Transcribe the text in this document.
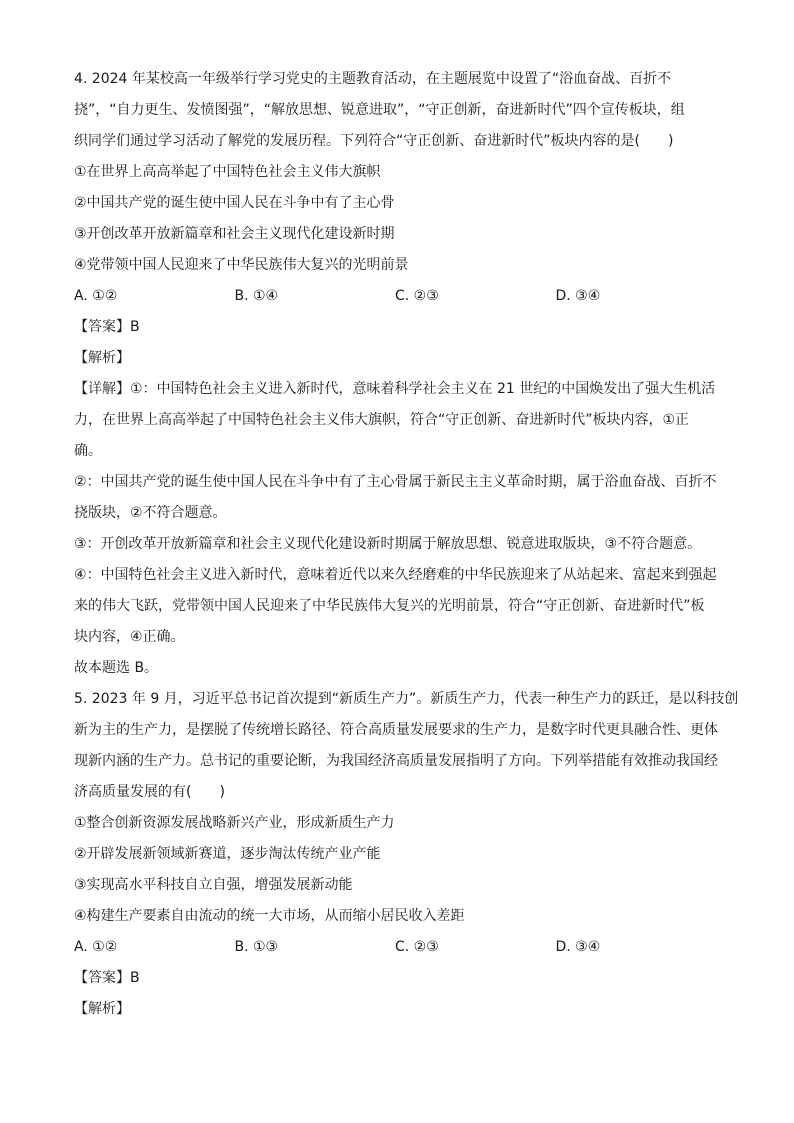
4. 2024 年某校高一年级举行学习党史的主题教育活动，在主题展览中设置了“浴血奋战、百折不

挠”，“自力更生、发愤图强”，“解放思想、锐意进取”，“守正创新，奋进新时代”四个宣传板块，组

织同学们通过学习活动了解党的发展历程。下列符合“守正创新、奋进新时代”板块内容的是(　　)

①在世界上高高举起了中国特色社会主义伟大旗帜

②中国共产党的诞生使中国人民在斗争中有了主心骨

③开创改革开放新篇章和社会主义现代化建设新时期

④党带领中国人民迎来了中华民族伟大复兴的光明前景

A. ①②	B. ①④	C. ②③	D. ③④

【答案】B

【解析】

【详解】①：中国特色社会主义进入新时代，意味着科学社会主义在 21 世纪的中国焕发出了强大生机活

力，在世界上高高举起了中国特色社会主义伟大旗帜，符合“守正创新、奋进新时代”板块内容，①正

确。

②：中国共产党的诞生使中国人民在斗争中有了主心骨属于新民主主义革命时期，属于浴血奋战、百折不

挠版块，②不符合题意。

③：开创改革开放新篇章和社会主义现代化建设新时期属于解放思想、锐意进取版块，③不符合题意。

④：中国特色社会主义进入新时代，意味着近代以来久经磨难的中华民族迎来了从站起来、富起来到强起

来的伟大飞跃，党带领中国人民迎来了中华民族伟大复兴的光明前景，符合“守正创新、奋进新时代”板

块内容，④正确。

故本题选 B。

5. 2023 年 9 月，习近平总书记首次提到“新质生产力”。新质生产力，代表一种生产力的跃迁，是以科技创

新为主的生产力，是摆脱了传统增长路径、符合高质量发展要求的生产力，是数字时代更具融合性、更体

现新内涵的生产力。总书记的重要论断，为我国经济高质量发展指明了方向。下列举措能有效推动我国经

济高质量发展的有(　　)

①整合创新资源发展战略新兴产业，形成新质生产力

②开辟发展新领域新赛道，逐步淘汰传统产业产能

③实现高水平科技自立自强，增强发展新动能

④构建生产要素自由流动的统一大市场，从而缩小居民收入差距

A. ①②	B. ①③	C. ②③	D. ③④

【答案】B

【解析】
